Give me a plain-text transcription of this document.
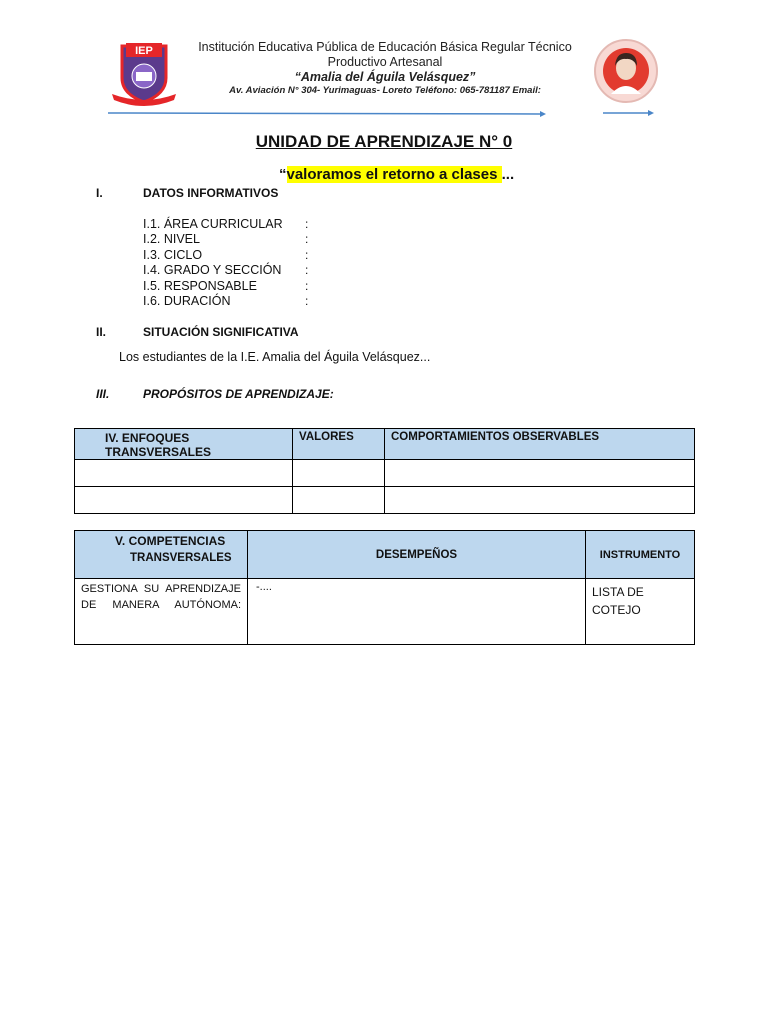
IEP	Institución Educativa Pública de Educación Básica Regular Técnico
Productivo Artesanal
“Amalia del Águila Velásquez”
Av. Aviación N° 304- Yurimaguas- Loreto Teléfono: 065-781187 Email:
UNIDAD DE APRENDIZAJE N° 0
“valoramos el retorno a clases ...
I.	DATOS INFORMATIVOS
I.1. ÁREA CURRICULAR :
I.2. NIVEL	:
I.3. CICLO	:
I.4. GRADO Y SECCIÓN :
I.5. RESPONSABLE	:
I.6. DURACIÓN	:
II.	SITUACIÓN SIGNIFICATIVA
Los estudiantes de la I.E. Amalia del Águila Velásquez...
III.	PROPÓSITOS DE APRENDIZAJE:
IV. ENFOQUES TRANSVERSALES	VALORES	COMPORTAMIENTOS OBSERVABLES

V. COMPETENCIAS
TRANSVERSALES	DESEMPEÑOS	INSTRUMENTO
GESTIONA SU APRENDIZAJE DE MANERA AUTÓNOMA:	-....	LISTA DE
COTEJO
